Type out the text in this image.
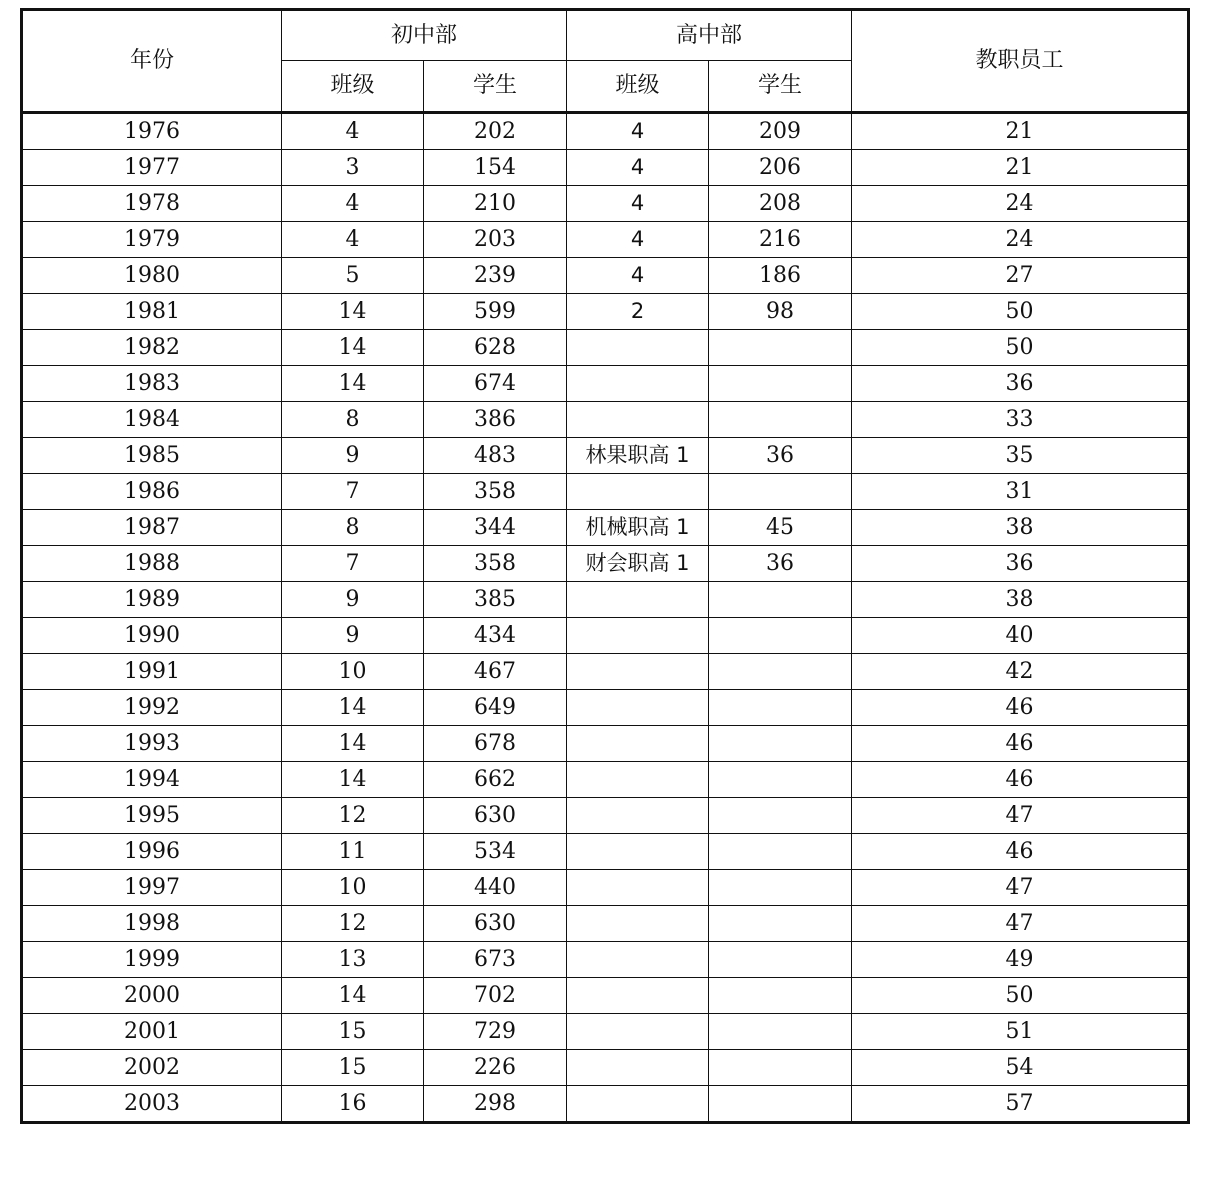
年份	初中部		高中部		教职员工
	班级	学生	班级	学生	
1976	4	202	4	209	21
1977	3	154	4	206	21
1978	4	210	4	208	24
1979	4	203	4	216	24
1980	5	239	4	186	27
1981	14	599	2	98	50
1982	14	628			50
1983	14	674			36
1984	8	386			33
1985	9	483	林果职高 1	36	35
1986	7	358			31
1987	8	344	机械职高 1	45	38
1988	7	358	财会职高 1	36	36
1989	9	385			38
1990	9	434			40
1991	10	467			42
1992	14	649			46
1993	14	678			46
1994	14	662			46
1995	12	630			47
1996	11	534			46
1997	10	440			47
1998	12	630			47
1999	13	673			49
2000	14	702			50
2001	15	729			51
2002	15	226			54
2003	16	298			57
